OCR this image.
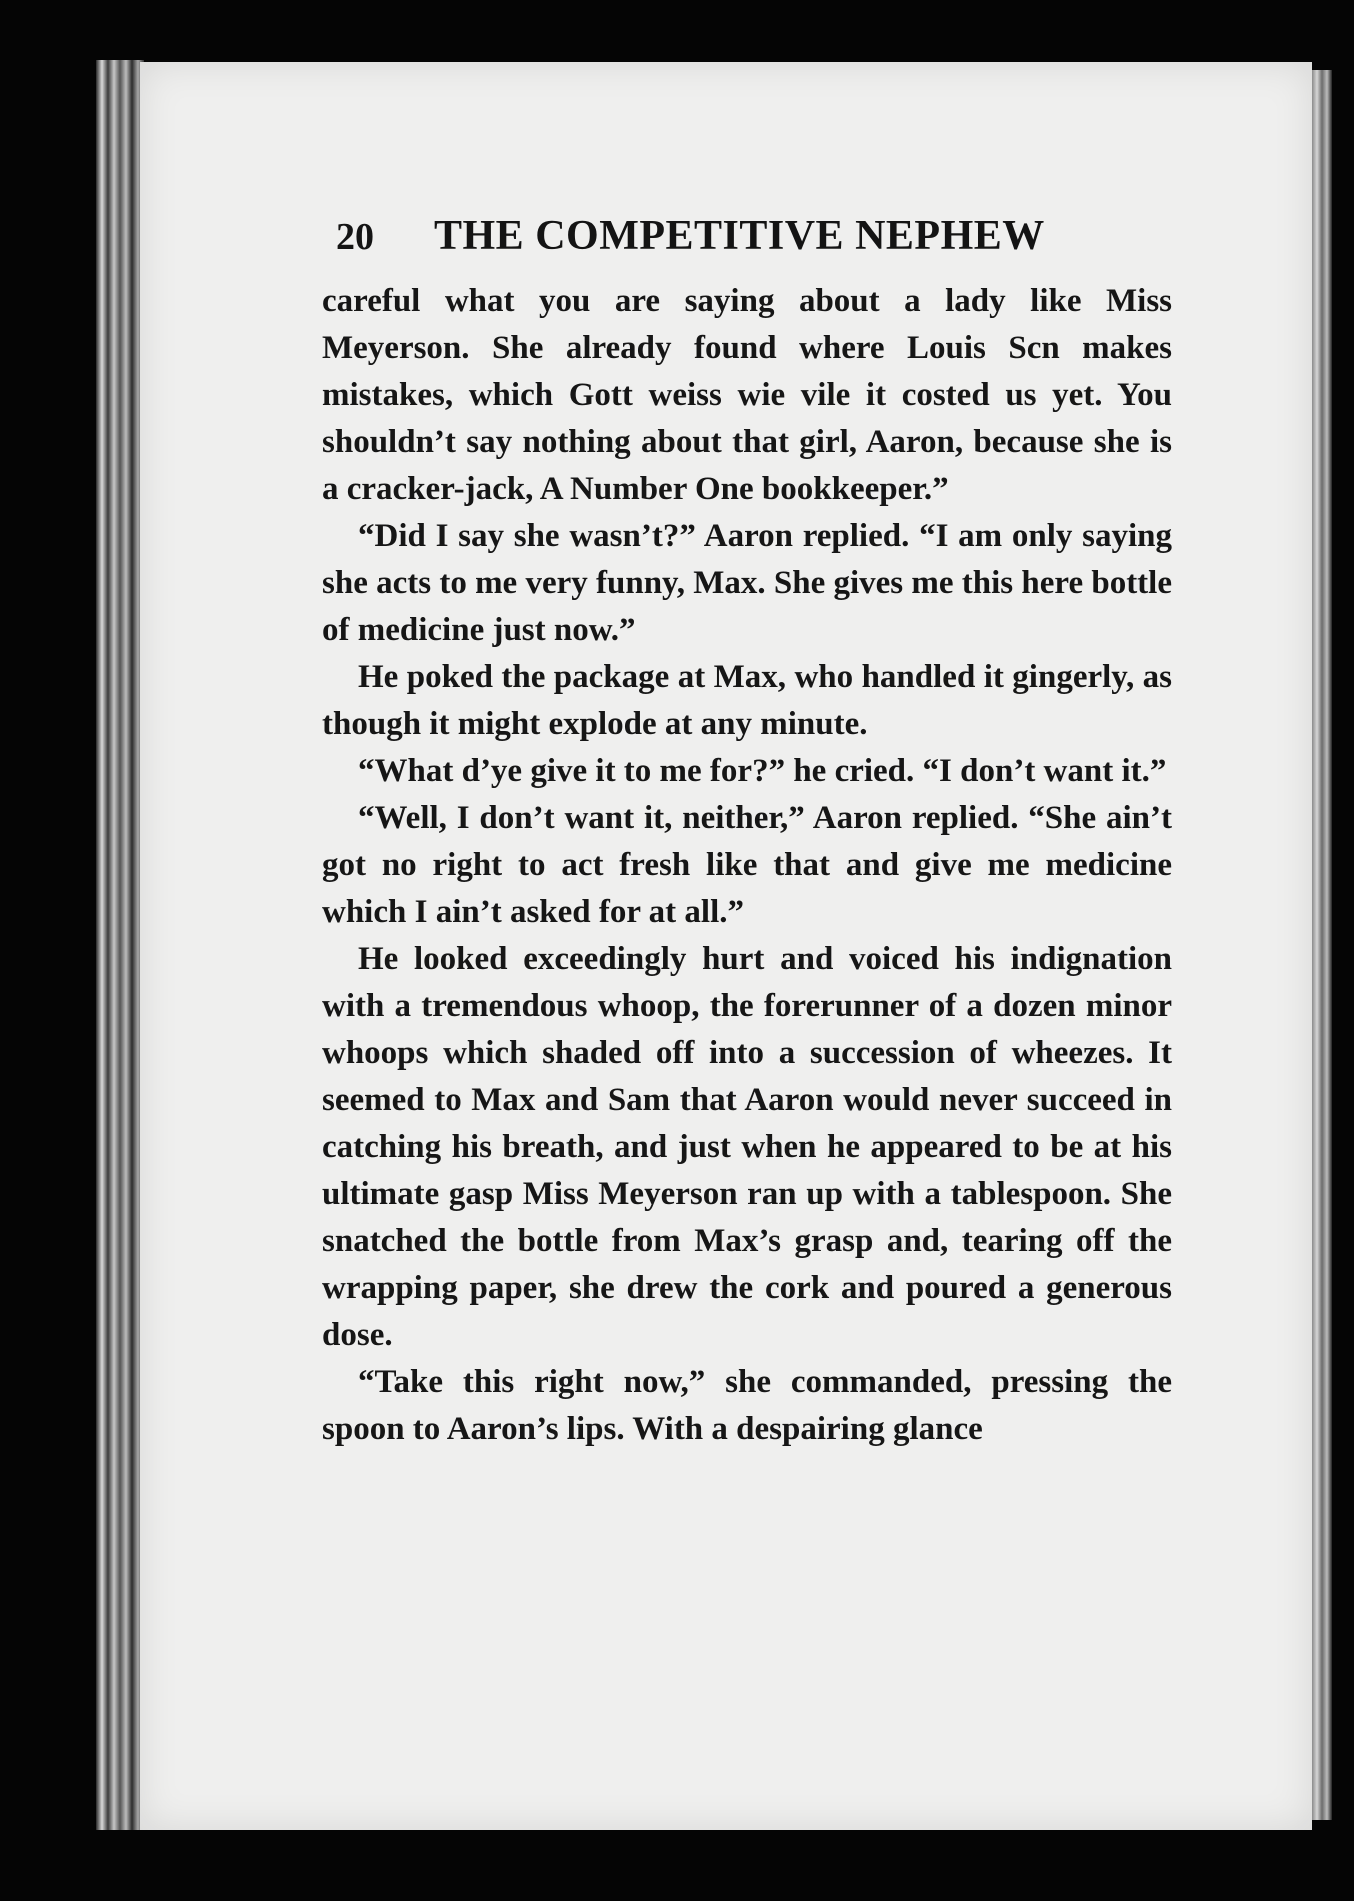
20 THE COMPETITIVE NEPHEW

careful what you are saying about a lady like Miss Meyerson. She already found where Louis Scn makes mistakes, which Gott weiss wie vile it costed us yet. You shouldn’t say nothing about that girl, Aaron, because she is a cracker-jack, A Number One bookkeeper.”

“Did I say she wasn’t?” Aaron replied. “I am only saying she acts to me very funny, Max. She gives me this here bottle of medicine just now.”

He poked the package at Max, who handled it gingerly, as though it might explode at any minute.

“What d’ye give it to me for?” he cried. “I don’t want it.”

“Well, I don’t want it, neither,” Aaron replied. “She ain’t got no right to act fresh like that and give me medicine which I ain’t asked for at all.”

He looked exceedingly hurt and voiced his indignation with a tremendous whoop, the forerunner of a dozen minor whoops which shaded off into a succession of wheezes. It seemed to Max and Sam that Aaron would never succeed in catching his breath, and just when he appeared to be at his ultimate gasp Miss Meyerson ran up with a tablespoon. She snatched the bottle from Max’s grasp and, tearing off the wrapping paper, she drew the cork and poured a generous dose.

“Take this right now,” she commanded, pressing the spoon to Aaron’s lips. With a despairing glance
